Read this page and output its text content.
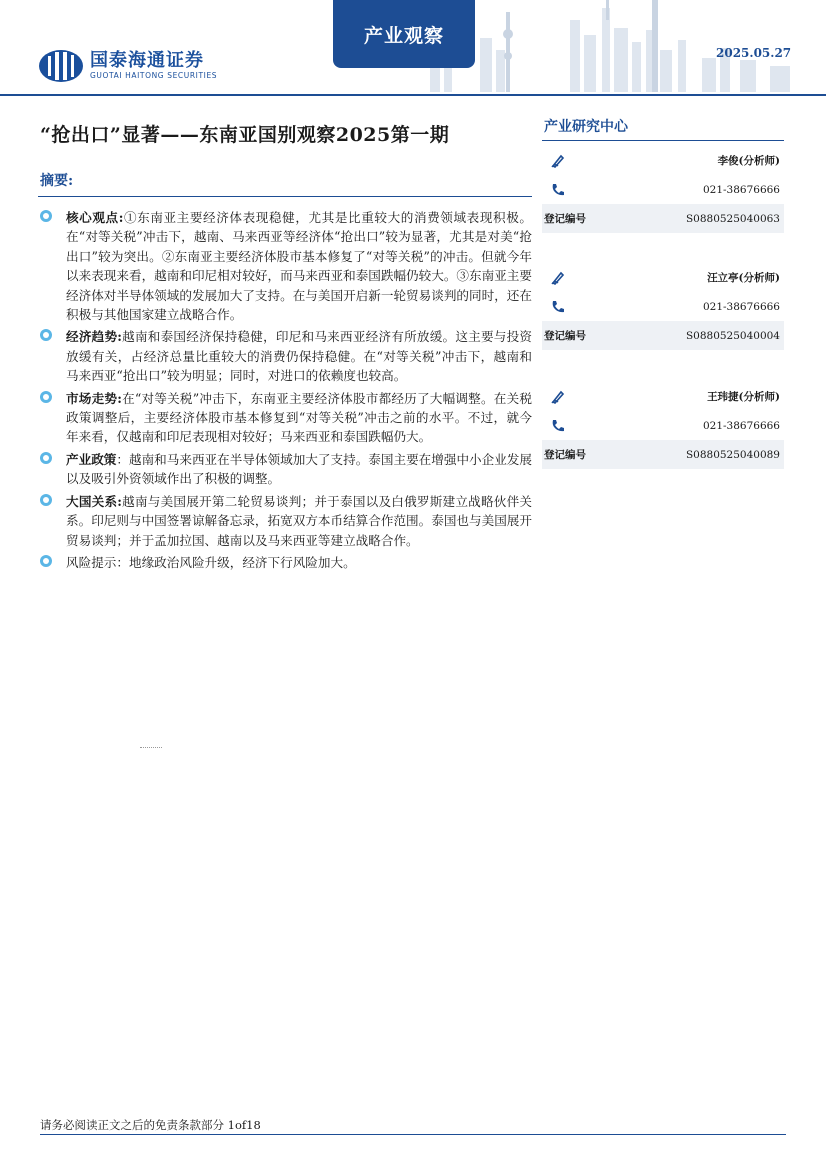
国泰海通证券
GUOTAI HAITONG SECURITIES
产业观察
2025.05.27
“抢出口”显著——东南亚国别观察2025第一期
摘要:
核心观点:①东南亚主要经济体表现稳健，尤其是比重较大的消费领域表现积极。在“对等关税”冲击下，越南、马来西亚等经济体“抢出口”较为显著，尤其是对美“抢出口”较为突出。②东南亚主要经济体股市基本修复了“对等关税”的冲击。但就今年以来表现来看，越南和印尼相对较好，而马来西亚和泰国跌幅仍较大。③东南亚主要经济体对半导体领域的发展加大了支持。在与美国开启新一轮贸易谈判的同时，还在积极与其他国家建立战略合作。
经济趋势:越南和泰国经济保持稳健，印尼和马来西亚经济有所放缓。这主要与投资放缓有关，占经济总量比重较大的消费仍保持稳健。在“对等关税”冲击下，越南和马来西亚“抢出口”较为明显；同时，对进口的依赖度也较高。
市场走势:在“对等关税”冲击下，东南亚主要经济体股市都经历了大幅调整。在关税政策调整后，主要经济体股市基本修复到“对等关税”冲击之前的水平。不过，就今年来看，仅越南和印尼表现相对较好；马来西亚和泰国跌幅仍大。
产业政策：越南和马来西亚在半导体领域加大了支持。泰国主要在增强中小企业发展以及吸引外资领域作出了积极的调整。
大国关系:越南与美国展开第二轮贸易谈判；并于泰国以及白俄罗斯建立战略伙伴关系。印尼则与中国签署谅解备忘录，拓宽双方本币结算合作范围。泰国也与美国展开贸易谈判；并于孟加拉国、越南以及马来西亚等建立战略合作。
风险提示：地缘政治风险升级，经济下行风险加大。
产业研究中心
李俊(分析师)
021-38676666
登记编号	S0880525040063
汪立亭(分析师)
021-38676666
登记编号	S0880525040004
王玮捷(分析师)
021-38676666
登记编号	S0880525040089
请务必阅读正文之后的免责条款部分 1of18
